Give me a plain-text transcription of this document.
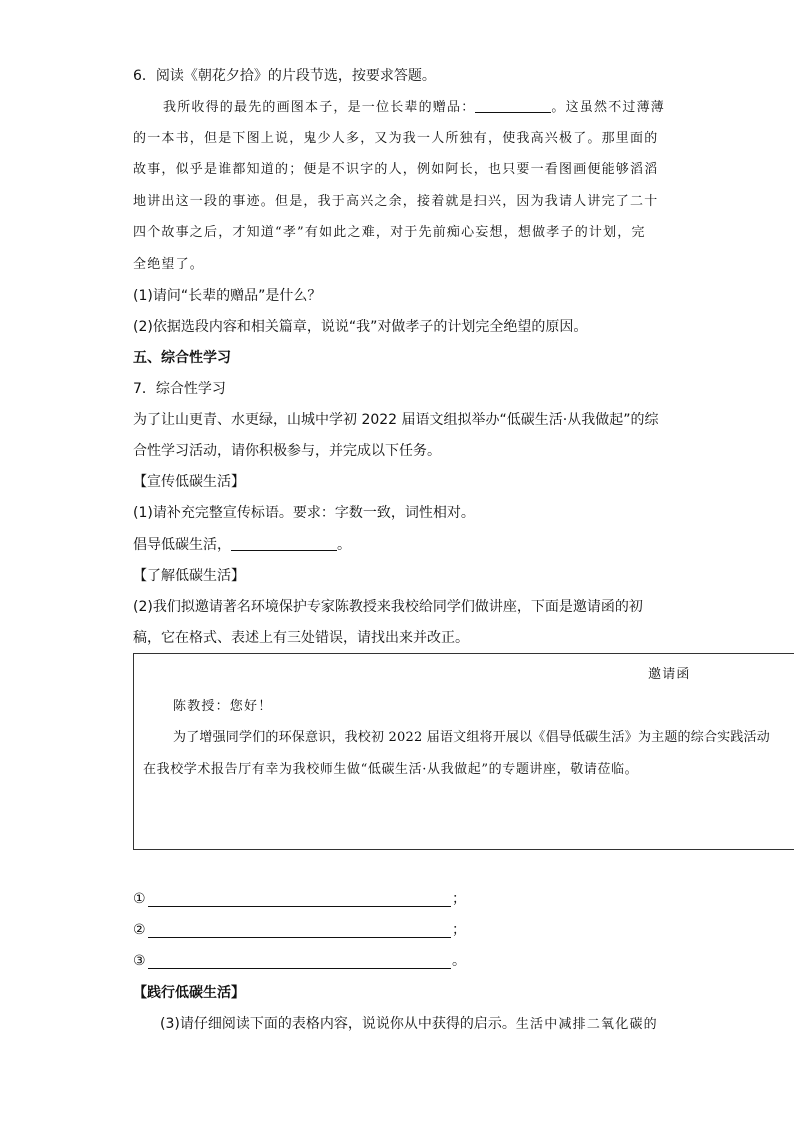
6．阅读《朝花夕拾》的片段节选，按要求答题。
我所收得的最先的画图本子，是一位长辈的赠品：	。这虽然不过薄薄
的一本书，但是下图上说，鬼少人多，又为我一人所独有，使我高兴极了。那里面的
故事，似乎是谁都知道的；便是不识字的人，例如阿长，也只要一看图画便能够滔滔
地讲出这一段的事迹。但是，我于高兴之余，接着就是扫兴，因为我请人讲完了二十
四个故事之后，才知道“孝”有如此之难，对于先前痴心妄想，想做孝子的计划，完
全绝望了。
(1)请问“长辈的赠品”是什么？
(2)依据选段内容和相关篇章，说说“我”对做孝子的计划完全绝望的原因。
五、综合性学习
7．综合性学习
为了让山更青、水更绿，山城中学初 2022 届语文组拟举办“低碳生活·从我做起”的综
合性学习活动，请你积极参与，并完成以下任务。
【宣传低碳生活】
(1)请补充完整宣传标语。要求：字数一致，词性相对。
倡导低碳生活，	。
【了解低碳生活】
(2)我们拟邀请著名环境保护专家陈教授来我校给同学们做讲座，下面是邀请函的初
稿，它在格式、表述上有三处错误，请找出来并改正。
邀请函
陈教授：您好！
为了增强同学们的环保意识，我校初 2022 届语文组将开展以《倡导低碳生活》为主题的综合实践活动
在我校学术报告厅有幸为我校师生做“低碳生活·从我做起”的专题讲座，敬请莅临。
①	；
②	；
③	。
【践行低碳生活】
(3)请仔细阅读下面的表格内容，说说你从中获得的启示。生活中减排二氧化碳的
